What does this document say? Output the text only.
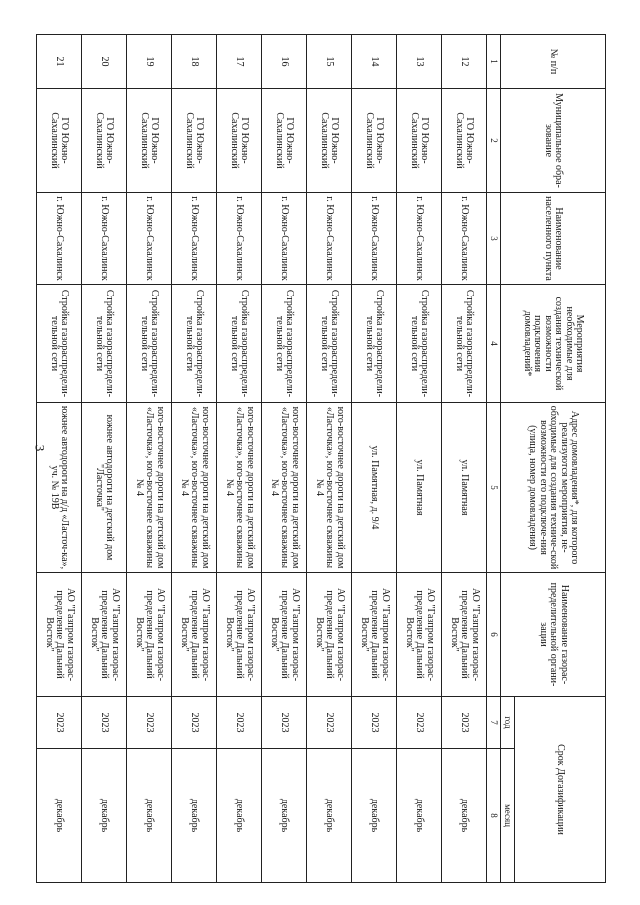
3
№ п/п	Муниципальное обра-зование	Наименование населенного пункта	Мероприятия необходимые для создания технической возможности подключения домовладений*	Адрес домовладения*, для которого реализуются мероприятия, не-обходимые для создания техниче-ской возможности его подключе-ния (улица, номер домовладения)	Наименование газорас-пределительной органи-зации	Срок Догазификации	
						год	месяц
1	2	3	4	5	6	7	8
12	ГО Южно-Сахалинский	г. Южно-Сахалинск	Стройка газораспредели-тельной сети	ул. Памятная	АО "Газпром газорас-пределение Дальний Восток"	2023	декабрь
13	ГО Южно-Сахалинский	г. Южно-Сахалинск	Стройка газораспредели-тельной сети	ул. Памятная	АО "Газпром газорас-пределение Дальний Восток"	2023	декабрь
14	ГО Южно-Сахалинский	г. Южно-Сахалинск	Стройка газораспредели-тельной сети	ул. Памятная, д. 9/4	АО "Газпром газорас-пределение Дальний Восток"	2023	декабрь
15	ГО Южно-Сахалинский	г. Южно-Сахалинск	Стройка газораспредели-тельной сети	юго-восточнее дороги на детский дом «Ласточка», юго-восточнее скважины № 4	АО "Газпром газорас-пределение Дальний Восток"	2023	декабрь
16	ГО Южно-Сахалинский	г. Южно-Сахалинск	Стройка газораспредели-тельной сети	юго-восточнее дороги на детский дом «Ласточка», юго-восточнее скважины № 4	АО "Газпром газорас-пределение Дальний Восток"	2023	декабрь
17	ГО Южно-Сахалинский	г. Южно-Сахалинск	Стройка газораспредели-тельной сети	юго-восточнее дороги на детский дом «Ласточка», юго-восточнее скважины № 4	АО "Газпром газорас-пределение Дальний Восток"	2023	декабрь
18	ГО Южно-Сахалинский	г. Южно-Сахалинск	Стройка газораспредели-тельной сети	юго-восточнее дороги на детский дом «Ласточка», юго-восточнее скважины № 4	АО "Газпром газорас-пределение Дальний Восток"	2023	декабрь
19	ГО Южно-Сахалинский	г. Южно-Сахалинск	Стройка газораспредели-тельной сети	юго-восточнее дороги на детский дом «Ласточка», юго-восточнее скважины № 4	АО "Газпром газорас-пределение Дальний Восток"	2023	декабрь
20	ГО Южно-Сахалинский	г. Южно-Сахалинск	Стройка газораспредели-тельной сети	южнее автодороги на детский дом "Ласточка"	АО "Газпром газорас-пределение Дальний Восток"	2023	декабрь
21	ГО Южно-Сахалинский	г. Южно-Сахалинск	Стройка газораспредели-тельной сети	южнее автодороги на д/д «Ласточ-ка», уч. № 19В	АО "Газпром газорас-пределение Дальний Восток"	2023	декабрь
